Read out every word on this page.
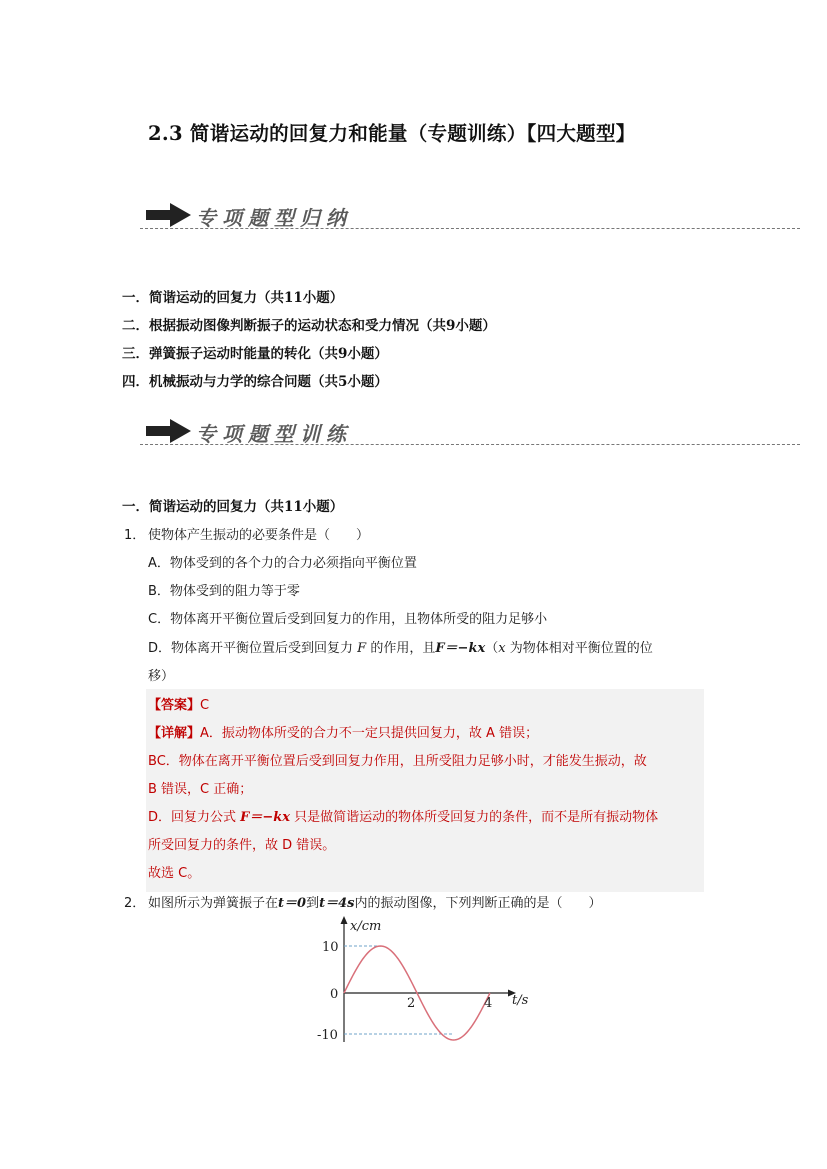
2.3 简谐运动的回复力和能量（专题训练）【四大题型】
专项题型归纳
一．简谐运动的回复力（共11小题）
二．根据振动图像判断振子的运动状态和受力情况（共9小题）
三．弹簧振子运动时能量的转化（共9小题）
四．机械振动与力学的综合问题（共5小题）
专项题型训练
一．简谐运动的回复力（共11小题）
1． 使物体产生振动的必要条件是（　　）
A．物体受到的各个力的合力必须指向平衡位置
B．物体受到的阻力等于零
C．物体离开平衡位置后受到回复力的作用，且物体所受的阻力足够小
D．物体离开平衡位置后受到回复力 F 的作用，且F＝−kx（x 为物体相对平衡位置的位
移）
【答案】C
【详解】A．振动物体所受的合力不一定只提供回复力，故 A 错误；
BC．物体在离开平衡位置后受到回复力作用，且所受阻力足够小时，才能发生振动，故
B 错误，C 正确；
D．回复力公式 F＝−kx 只是做简谐运动的物体所受回复力的条件，而不是所有振动物体
所受回复力的条件，故 D 错误。
故选 C。
2． 如图所示为弹簧振子在t＝0到t＝4s内的振动图像，下列判断正确的是（　　）
x/cm
t/s
10
0
-10
2	4
